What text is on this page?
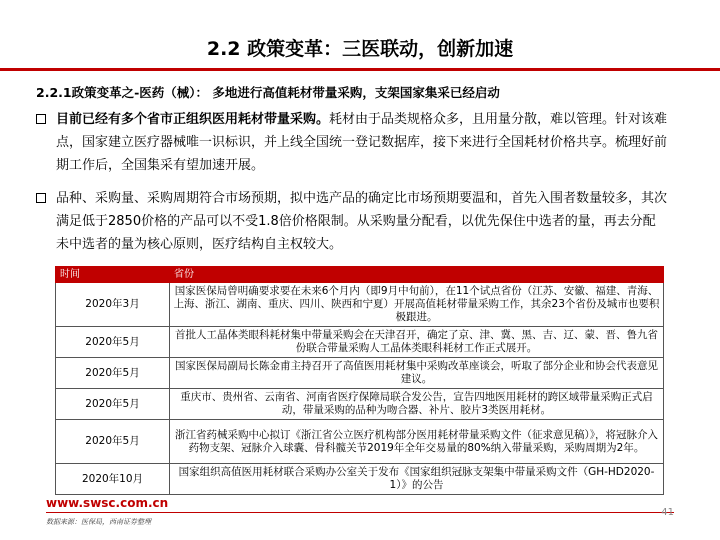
2.2 政策变革：三医联动，创新加速
2.2.1政策变革之-医药（械）： 多地进行高值耗材带量采购，支架国家集采已经启动
目前已经有多个省市正组织医用耗材带量采购。耗材由于品类规格众多，且用量分散，难以管理。针对该难点，国家建立医疗器械唯一识标识，并上线全国统一登记数据库，接下来进行全国耗材价格共享。梳理好前期工作后，全国集采有望加速开展。
品种、采购量、采购周期符合市场预期，拟中选产品的确定比市场预期要温和，首先入围者数量较多，其次满足低于2850价格的产品可以不受1.8倍价格限制。从采购量分配看，以优先保住中选者的量，再去分配未中选者的量为核心原则，医疗结构自主权较大。
时间	省份
2020年3月	国家医保局曾明确要求要在未来6个月内（即9月中旬前），在11个试点省份（江苏、安徽、福建、青海、上海、浙江、湖南、重庆、四川、陕西和宁夏）开展高值耗材带量采购工作，其余23个省份及城市也要积极跟进。
2020年5月	首批人工晶体类眼科耗材集中带量采购会在天津召开，确定了京、津、冀、黑、吉、辽、蒙、晋、鲁九省份联合带量采购人工晶体类眼科耗材工作正式展开。
2020年5月	国家医保局副局长陈金甫主持召开了高值医用耗材集中采购改革座谈会，听取了部分企业和协会代表意见建议。
2020年5月	重庆市、贵州省、云南省、河南省医疗保障局联合发公告，宣告四地医用耗材的跨区域带量采购正式启动，带量采购的品种为吻合器、补片、胶片3类医用耗材。
2020年5月	浙江省药械采购中心拟订《浙江省公立医疗机构部分医用耗材带量采购文件（征求意见稿）》，将冠脉介入药物支架、冠脉介入球囊、骨科髋关节2019年全年交易量的80%纳入带量采购，采购周期为2年。
2020年10月	国家组织高值医用耗材联合采购办公室关于发布《国家组织冠脉支架集中带量采购文件（GH-HD2020-1）》的公告
www.swsc.com.cn
数据来源：医保局，西南证券整理
41
